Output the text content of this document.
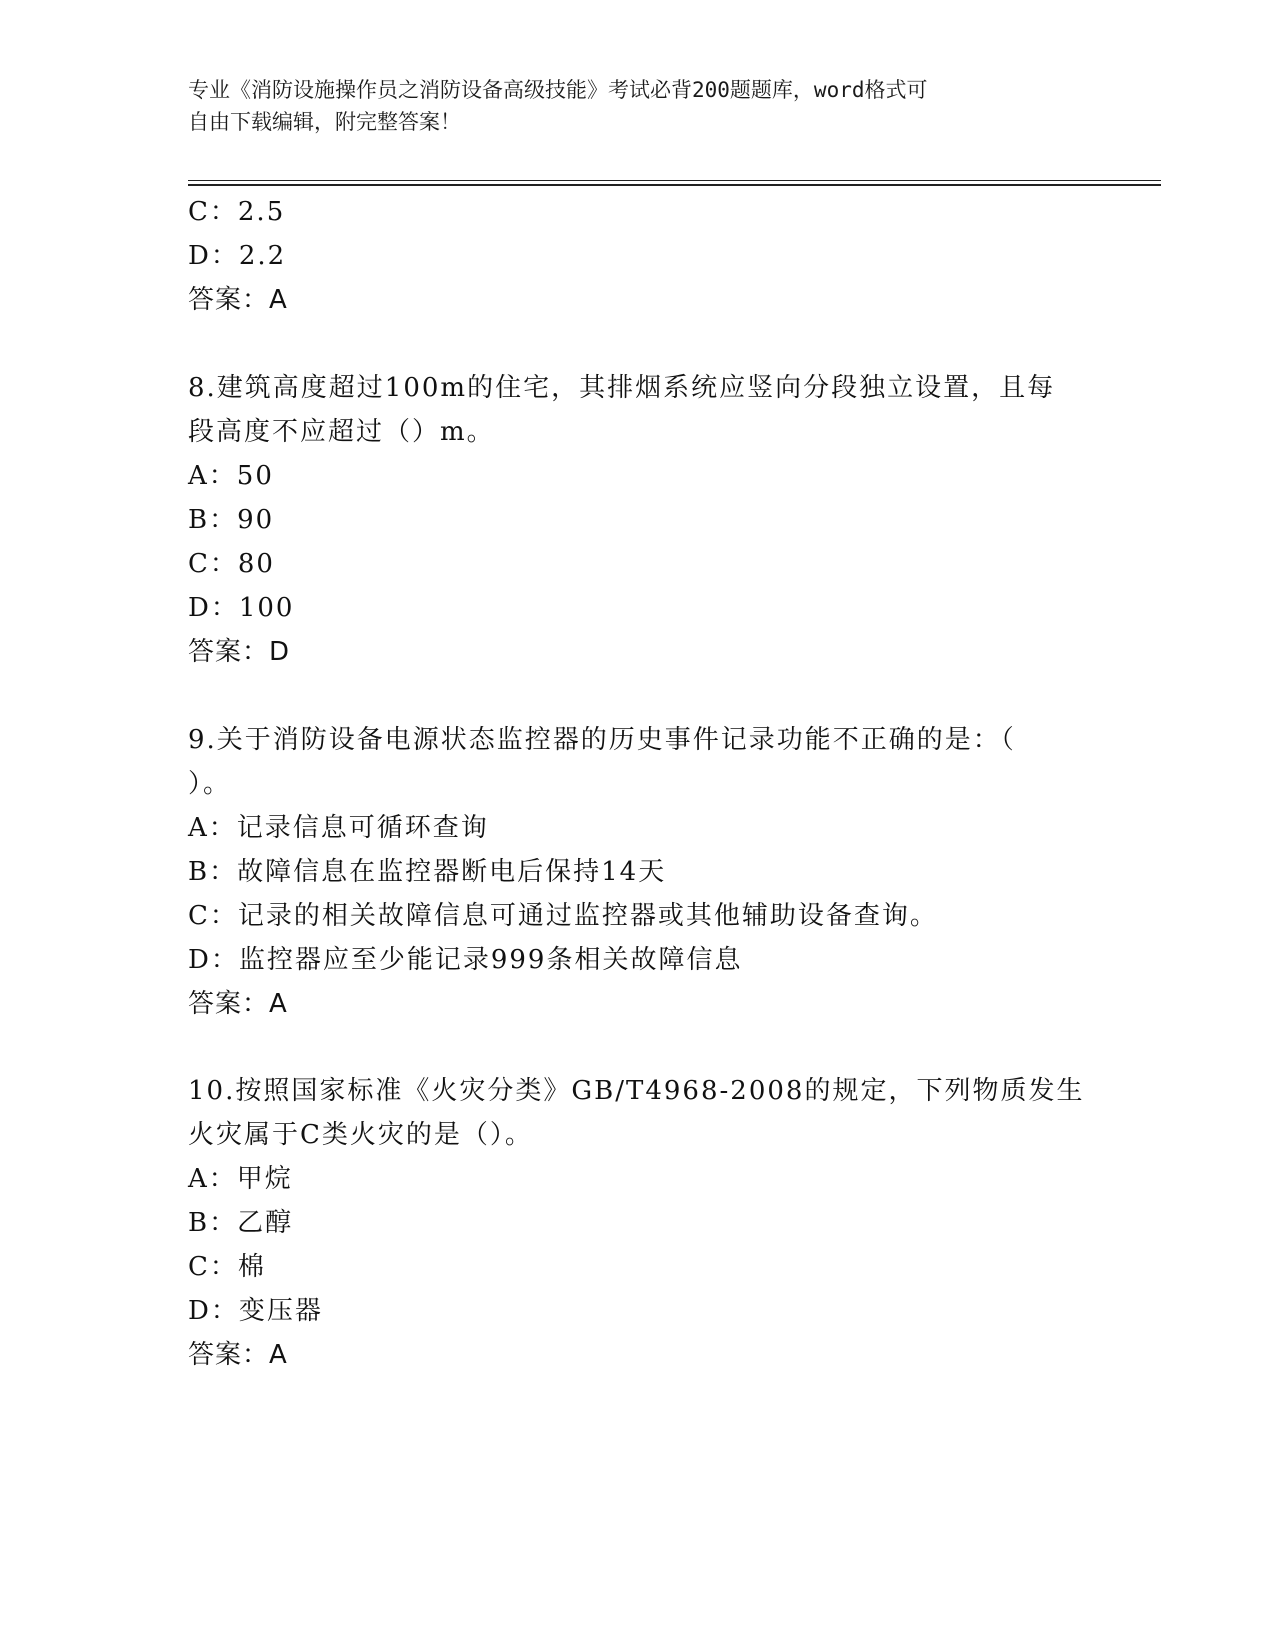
专业《消防设施操作员之消防设备高级技能》考试必背200题题库，word格式可
自由下载编辑，附完整答案！
C：2.5
D：2.2
答案：A
8.建筑高度超过100m的住宅，其排烟系统应竖向分段独立设置，且每
段高度不应超过（）m。
A：50
B：90
C：80
D：100
答案：D
9.关于消防设备电源状态监控器的历史事件记录功能不正确的是：（
）。
A：记录信息可循环查询
B：故障信息在监控器断电后保持14天
C：记录的相关故障信息可通过监控器或其他辅助设备查询。
D：监控器应至少能记录999条相关故障信息
答案：A
10.按照国家标准《火灾分类》GB/T4968-2008的规定，下列物质发生
火灾属于C类火灾的是（）。
A：甲烷
B：乙醇
C：棉
D：变压器
答案：A
